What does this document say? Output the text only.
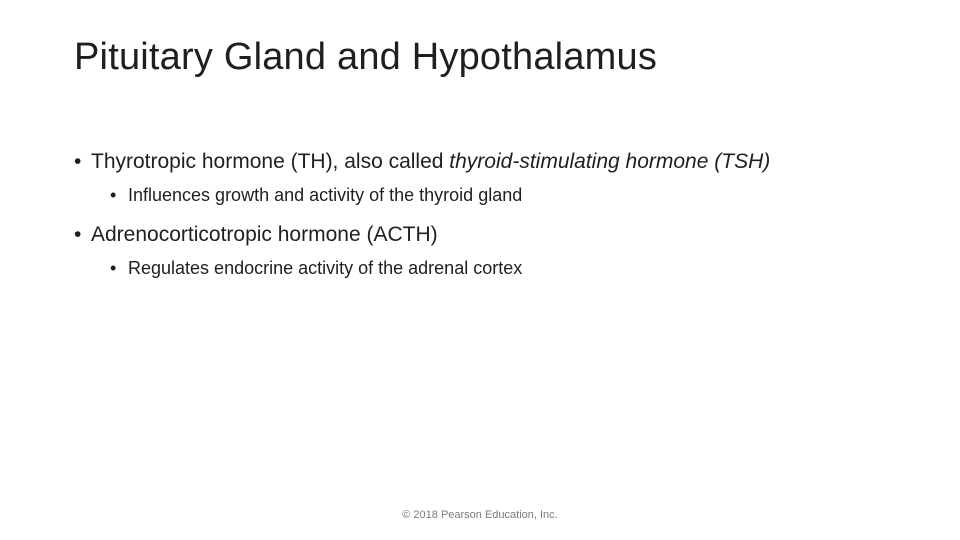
Pituitary Gland and Hypothalamus
• Thyrotropic hormone (TH), also called thyroid-stimulating hormone (TSH)
• Influences growth and activity of the thyroid gland
• Adrenocorticotropic hormone (ACTH)
• Regulates endocrine activity of the adrenal cortex
© 2018 Pearson Education, Inc.
